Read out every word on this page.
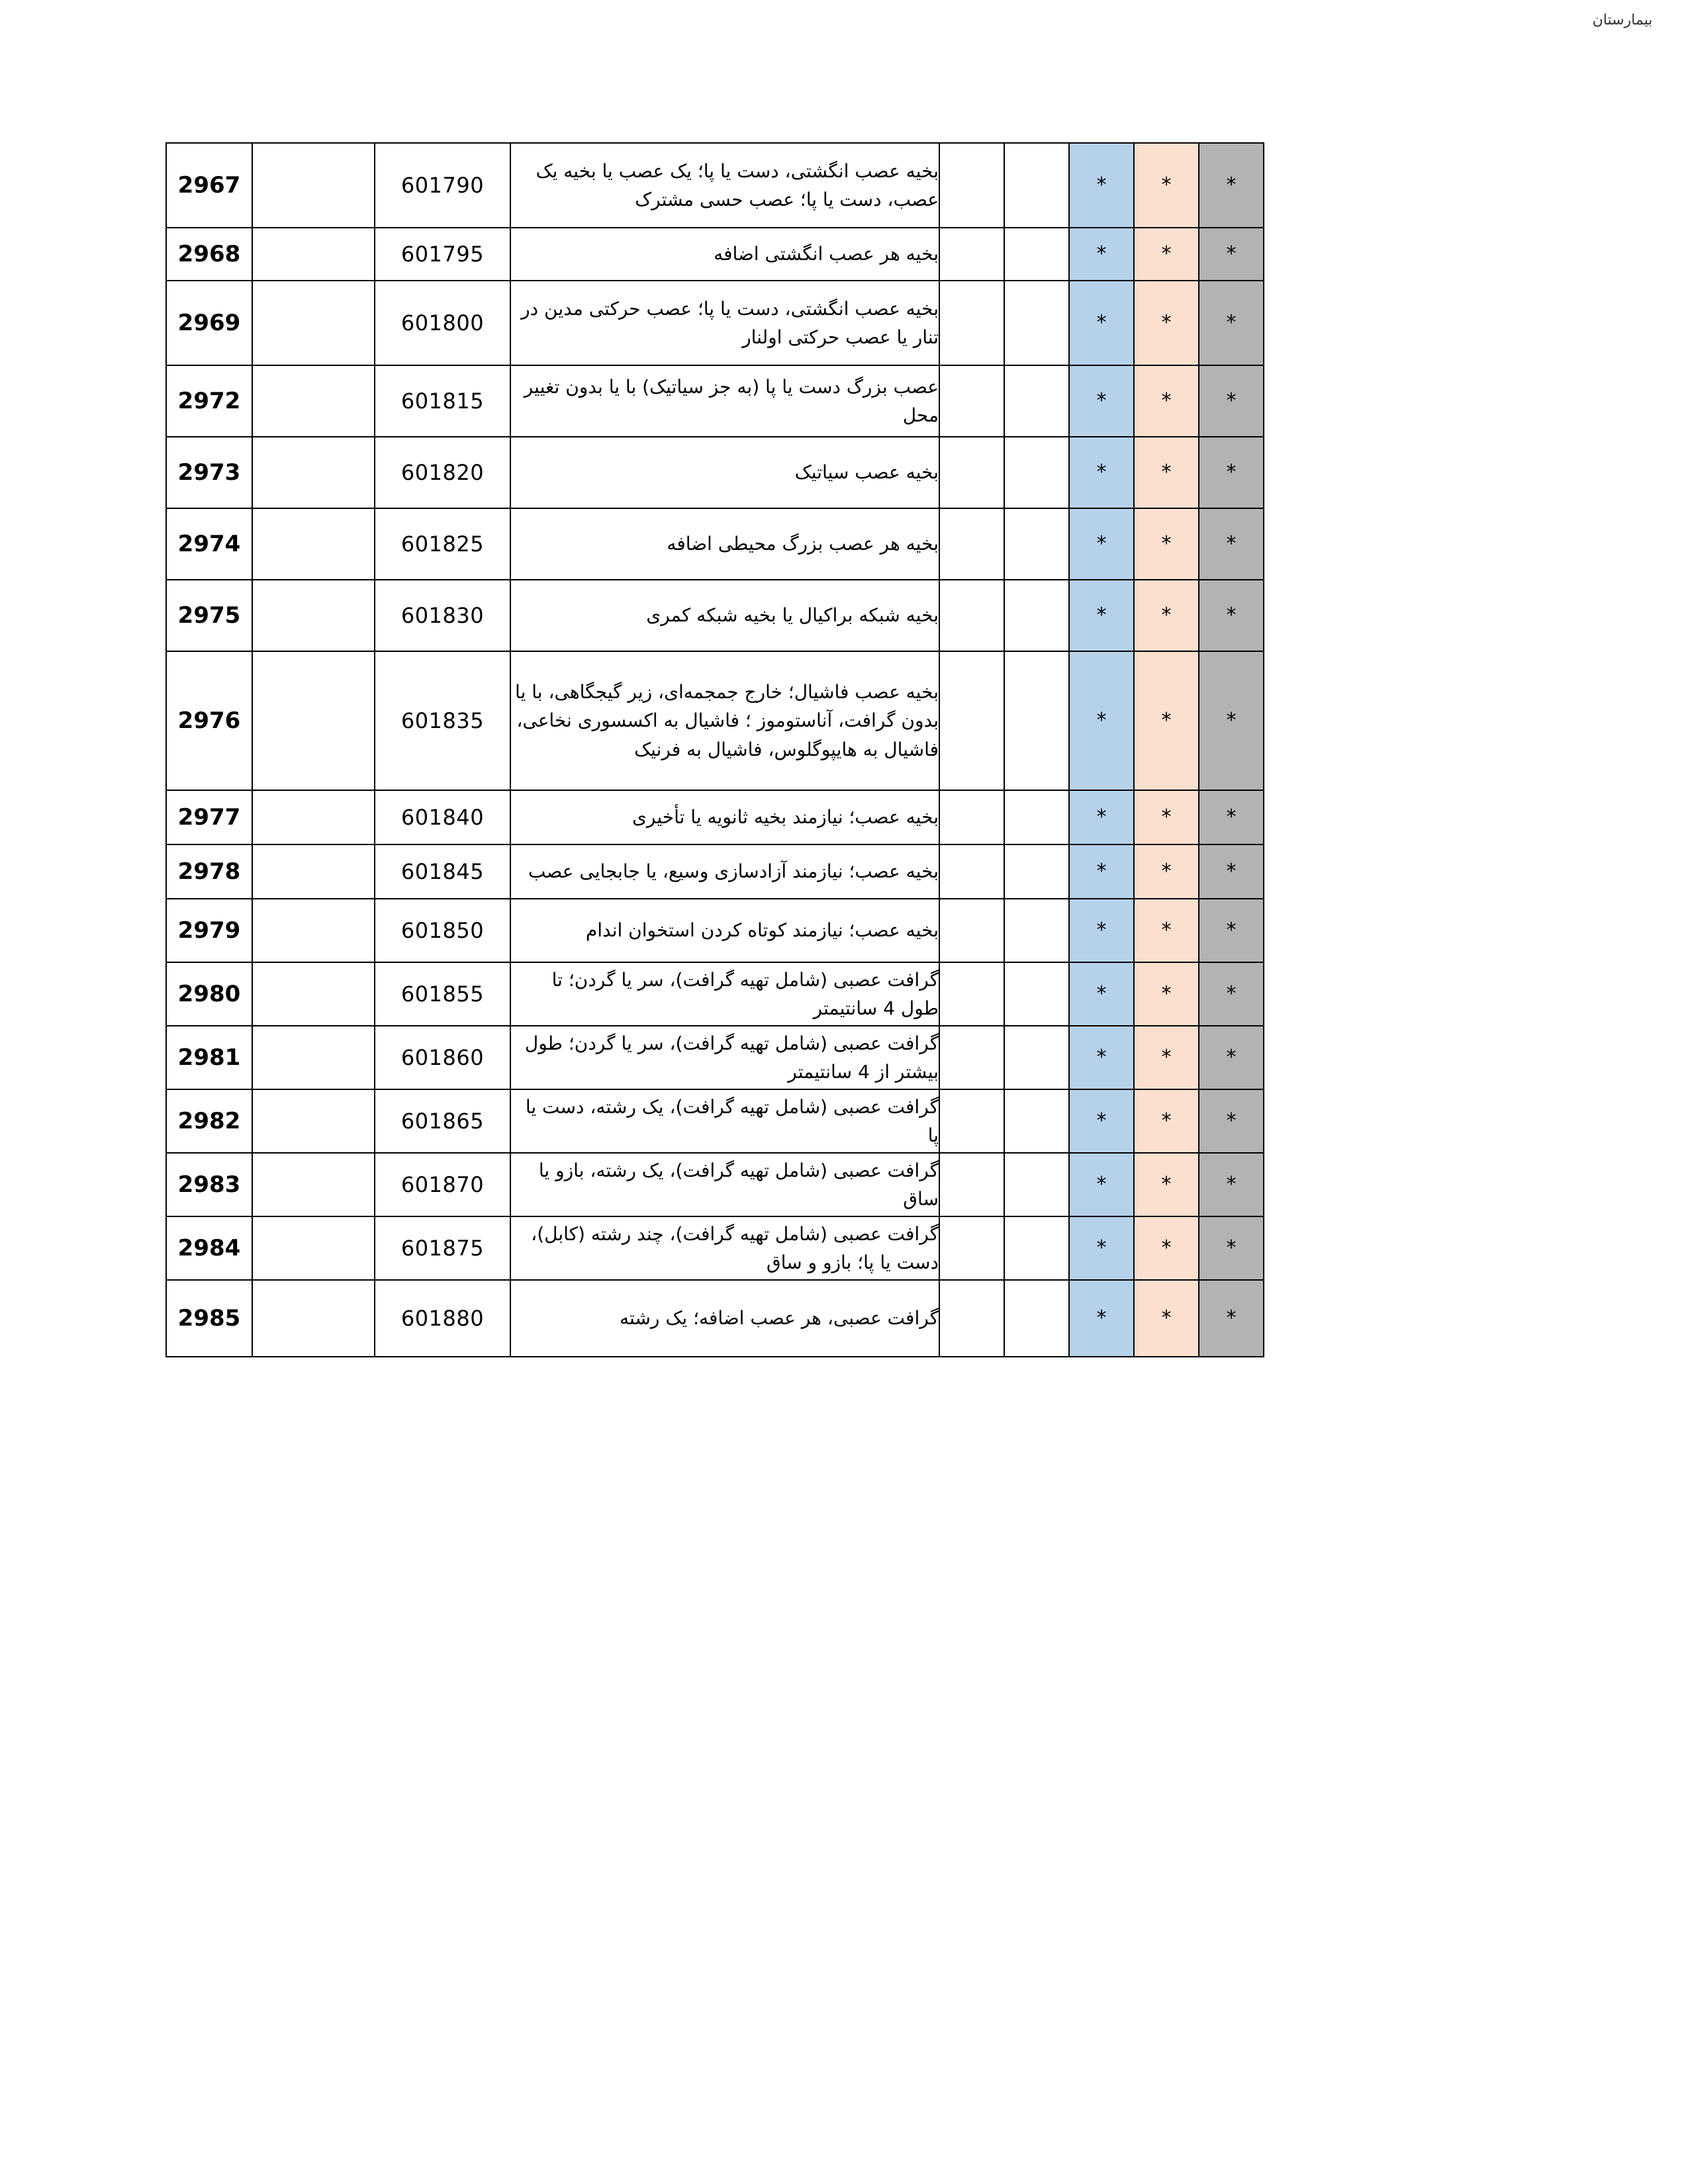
بیمارستان
*	*	*			بخیه عصب انگشتی، دست یا پا؛ یک عصب یا بخیه یک عصب، دست یا پا؛ عصب حسی مشترک	601790		2967
*	*	*			بخیه هر عصب انگشتی اضافه	601795		2968
*	*	*			بخیه عصب انگشتی، دست یا پا؛ عصب حرکتی مدین در تنار یا عصب حرکتی اولنار	601800		2969
*	*	*			عصب بزرگ دست یا پا (به جز سیاتیک) با یا بدون تغییر محل	601815		2972
*	*	*			بخیه عصب سیاتیک	601820		2973
*	*	*			بخیه هر عصب بزرگ محیطی اضافه	601825		2974
*	*	*			بخیه شبکه براکیال یا بخیه شبکه کمری	601830		2975
*	*	*			بخیه عصب فاشیال؛ خارج جمجمه‌ای، زیر گیجگاهی، با یا بدون گرافت، آناستوموز ؛ فاشیال به اکسسوری نخاعی، فاشیال به هایپوگلوس، فاشیال به فرنیک	601835		2976
*	*	*			بخیه عصب؛ نیازمند بخیه ثانویه یا تأخیری	601840		2977
*	*	*			بخیه عصب؛ نیازمند آزادسازی وسیع، یا جابجایی عصب	601845		2978
*	*	*			بخیه عصب؛ نیازمند کوتاه کردن استخوان اندام	601850		2979
*	*	*			گرافت عصبی (شامل تهیه گرافت)، سر یا گردن؛ تا طول 4 سانتیمتر	601855		2980
*	*	*			گرافت عصبی (شامل تهیه گرافت)، سر یا گردن؛ طول بیشتر از 4 سانتیمتر	601860		2981
*	*	*			گرافت عصبی (شامل تهیه گرافت)، یک رشته، دست یا پا	601865		2982
*	*	*			گرافت عصبی (شامل تهیه گرافت)، یک رشته، بازو یا ساق	601870		2983
*	*	*			گرافت عصبی (شامل تهیه گرافت)، چند رشته (کابل)، دست یا پا؛ بازو و ساق	601875		2984
*	*	*			گرافت عصبی، هر عصب اضافه؛ یک رشته	601880		2985
